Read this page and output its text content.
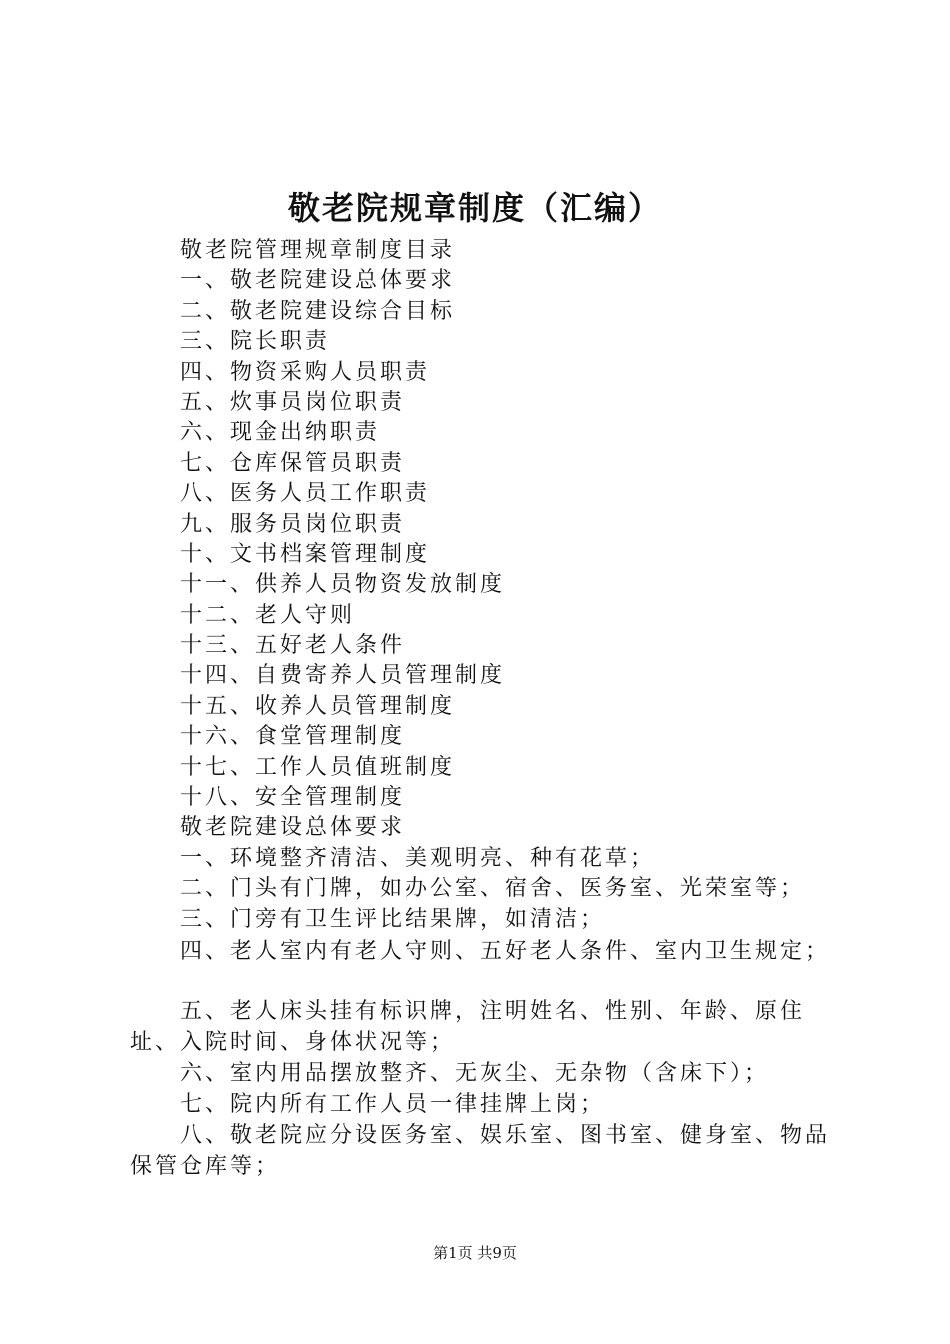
敬老院规章制度（汇编）

敬老院管理规章制度目录

一、敬老院建设总体要求

二、敬老院建设综合目标

三、院长职责

四、物资采购人员职责

五、炊事员岗位职责

六、现金出纳职责

七、仓库保管员职责

八、医务人员工作职责

九、服务员岗位职责

十、文书档案管理制度

十一、供养人员物资发放制度

十二、老人守则

十三、五好老人条件

十四、自费寄养人员管理制度

十五、收养人员管理制度

十六、食堂管理制度

十七、工作人员值班制度

十八、安全管理制度

敬老院建设总体要求

一、环境整齐清洁、美观明亮、种有花草；

二、门头有门牌，如办公室、宿舍、医务室、光荣室等；

三、门旁有卫生评比结果牌，如清洁；

四、老人室内有老人守则、五好老人条件、室内卫生规定；

五、老人床头挂有标识牌，注明姓名、性别、年龄、原住址、入院时间、身体状况等；

六、室内用品摆放整齐、无灰尘、无杂物（含床下）；

七、院内所有工作人员一律挂牌上岗；

八、敬老院应分设医务室、娱乐室、图书室、健身室、物品保管仓库等；

第1页 共9页
